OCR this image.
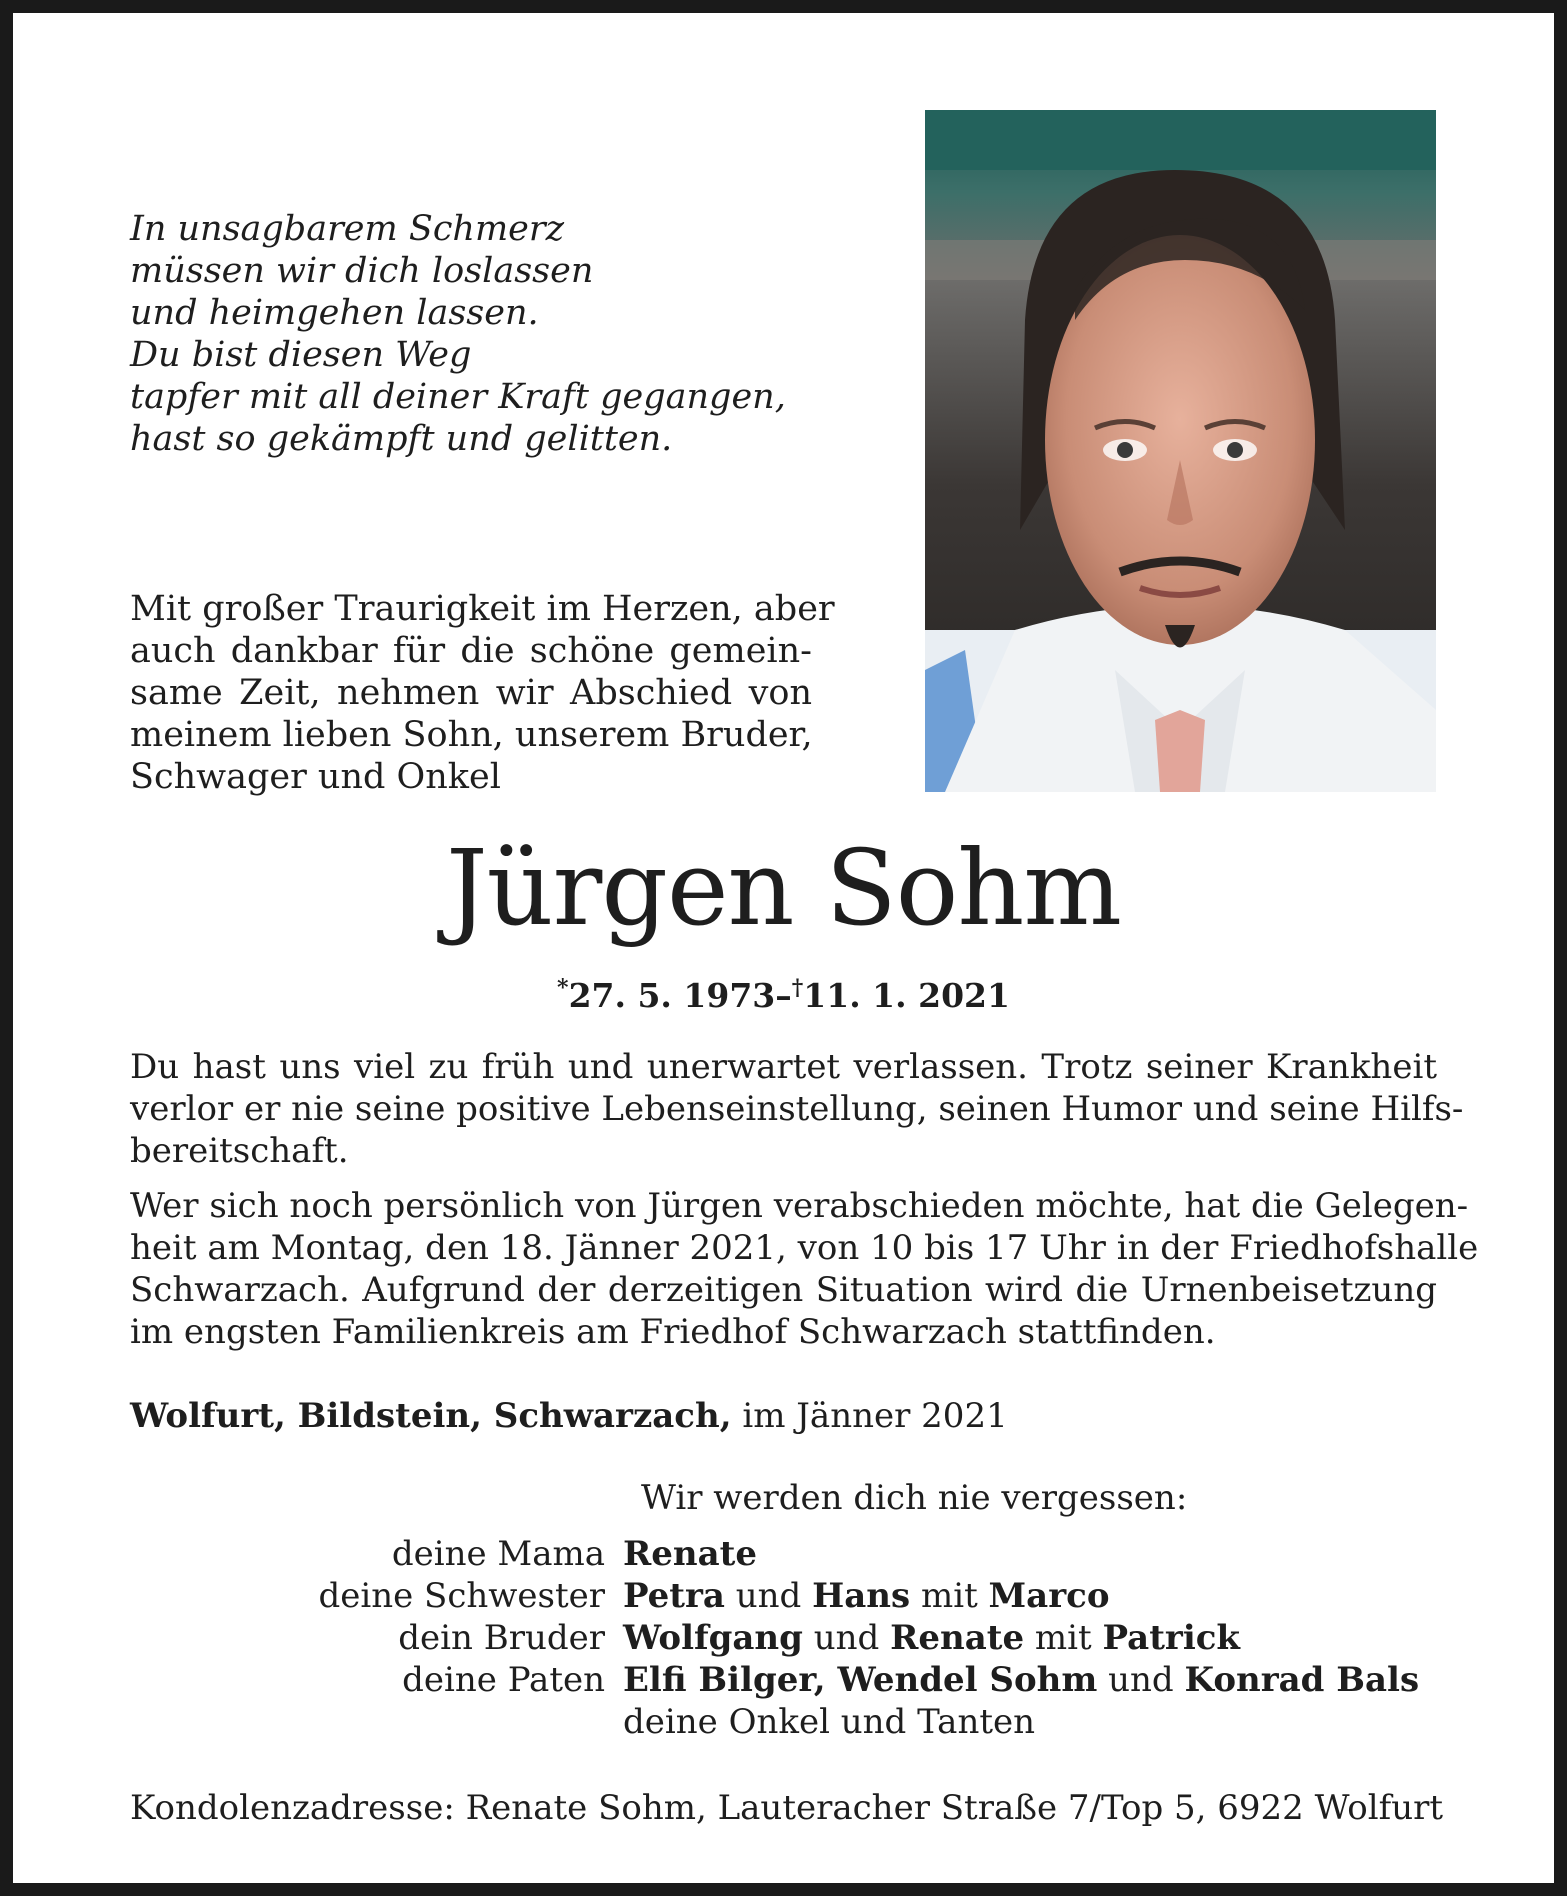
In unsagbarem Schmerz
müssen wir dich loslassen
und heimgehen lassen.
Du bist diesen Weg
tapfer mit all deiner Kraft gegangen,
hast so gekämpft und gelitten.
Mit großer Traurigkeit im Herzen, aber
auch dankbar für die schöne gemein-
same Zeit, nehmen wir Abschied von
meinem lieben Sohn, unserem Bruder,
Schwager und Onkel
Jürgen Sohm
*27. 5. 1973–†11. 1. 2021
Du hast uns viel zu früh und unerwartet verlassen. Trotz seiner Krankheit
verlor er nie seine positive Lebenseinstellung, seinen Humor und seine Hilfs-
bereitschaft.
Wer sich noch persönlich von Jürgen verabschieden möchte, hat die Gelegen-
heit am Montag, den 18. Jänner 2021, von 10 bis 17 Uhr in der Friedhofshalle
Schwarzach. Aufgrund der derzeitigen Situation wird die Urnenbeisetzung
im engsten Familienkreis am Friedhof Schwarzach stattfinden.
Wolfurt, Bildstein, Schwarzach, im Jänner 2021
Wir werden dich nie vergessen:
deine Mama Renate
deine Schwester Petra und Hans mit Marco
dein Bruder Wolfgang und Renate mit Patrick
deine Paten Elfi Bilger, Wendel Sohm und Konrad Bals
deine Onkel und Tanten
Kondolenzadresse: Renate Sohm, Lauteracher Straße 7/Top 5, 6922 Wolfurt
